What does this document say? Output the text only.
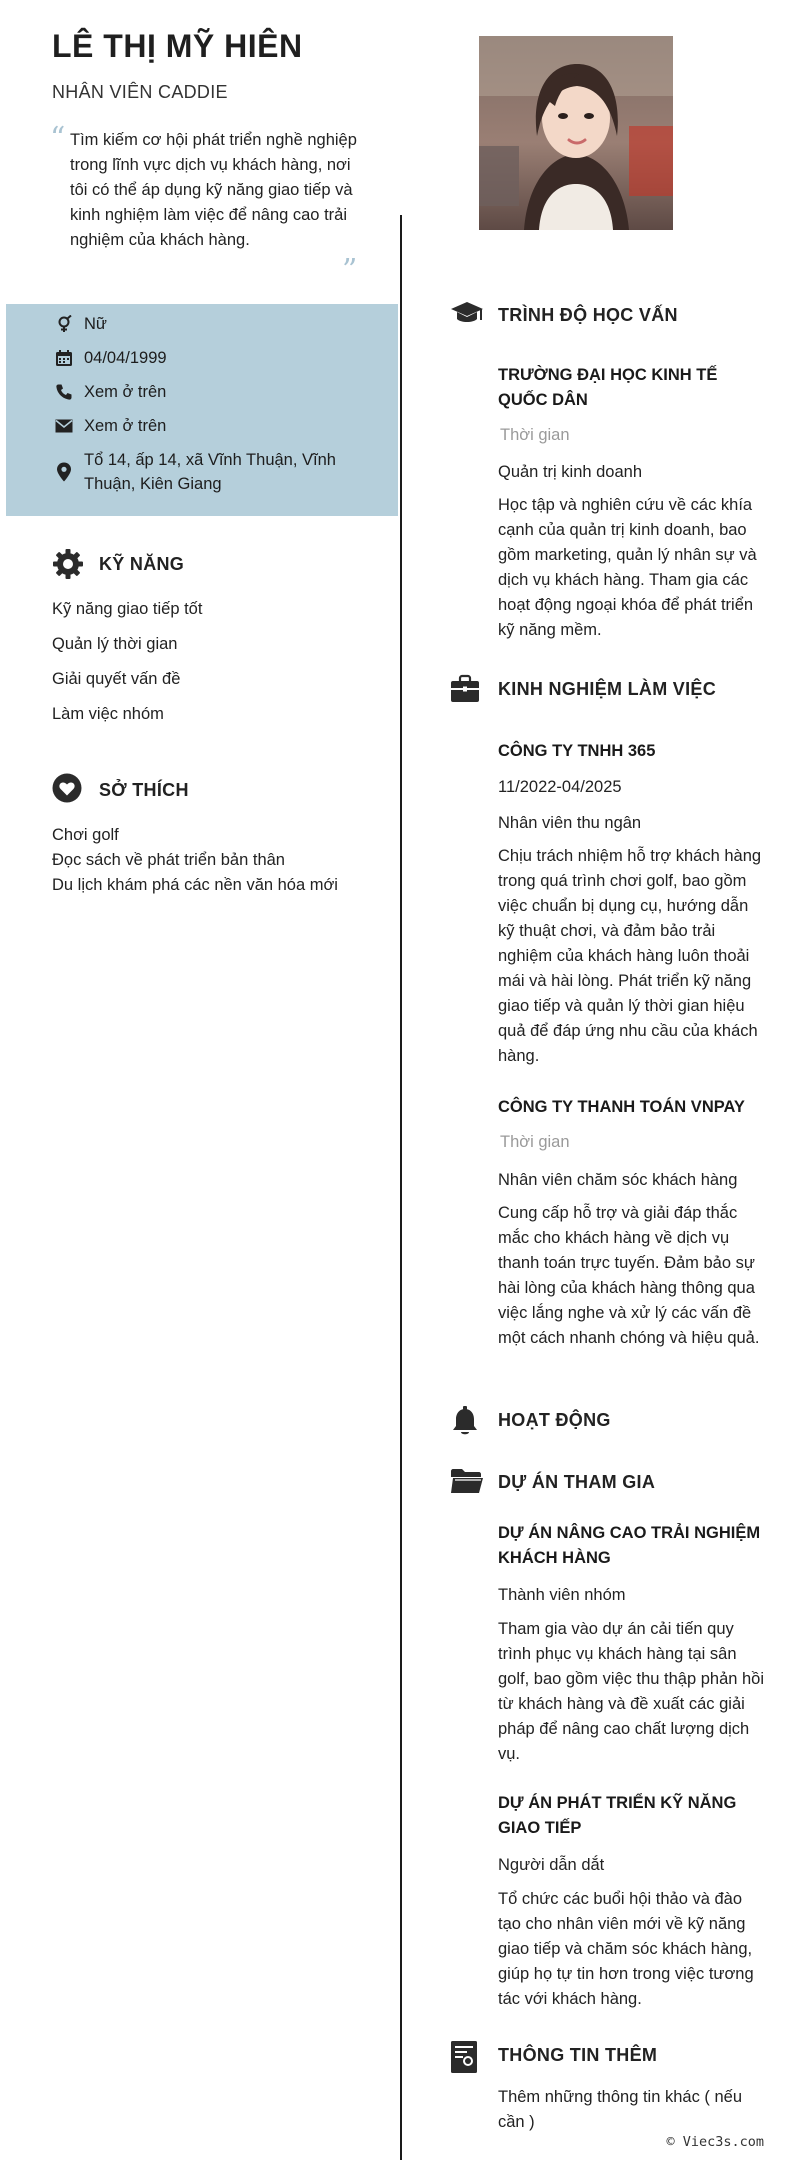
LÊ THỊ MỸ HIÊN
NHÂN VIÊN CADDIE
“ Tìm kiếm cơ hội phát triển nghề nghiệp trong lĩnh vực dịch vụ khách hàng, nơi tôi có thể áp dụng kỹ năng giao tiếp và kinh nghiệm làm việc để nâng cao trải nghiệm của khách hàng.
”
Nữ
04/04/1999
Xem ở trên
Xem ở trên
Tổ 14, ấp 14, xã Vĩnh Thuận, Vĩnh Thuận, Kiên Giang
KỸ NĂNG
Kỹ năng giao tiếp tốt
Quản lý thời gian
Giải quyết vấn đề
Làm việc nhóm
SỞ THÍCH
Chơi golf
Đọc sách về phát triển bản thân
Du lịch khám phá các nền văn hóa mới
TRÌNH ĐỘ HỌC VẤN
TRƯỜNG ĐẠI HỌC KINH TẾ QUỐC DÂN
Thời gian
Quản trị kinh doanh
Học tập và nghiên cứu về các khía cạnh của quản trị kinh doanh, bao gồm marketing, quản lý nhân sự và dịch vụ khách hàng. Tham gia các hoạt động ngoại khóa để phát triển kỹ năng mềm.
KINH NGHIỆM LÀM VIỆC
CÔNG TY TNHH 365
11/2022-04/2025
Nhân viên thu ngân
Chịu trách nhiệm hỗ trợ khách hàng trong quá trình chơi golf, bao gồm việc chuẩn bị dụng cụ, hướng dẫn kỹ thuật chơi, và đảm bảo trải nghiệm của khách hàng luôn thoải mái và hài lòng. Phát triển kỹ năng giao tiếp và quản lý thời gian hiệu quả để đáp ứng nhu cầu của khách hàng.
CÔNG TY THANH TOÁN VNPAY
Thời gian
Nhân viên chăm sóc khách hàng
Cung cấp hỗ trợ và giải đáp thắc mắc cho khách hàng về dịch vụ thanh toán trực tuyến. Đảm bảo sự hài lòng của khách hàng thông qua việc lắng nghe và xử lý các vấn đề một cách nhanh chóng và hiệu quả.
HOẠT ĐỘNG
DỰ ÁN THAM GIA
DỰ ÁN NÂNG CAO TRẢI NGHIỆM KHÁCH HÀNG
Thành viên nhóm
Tham gia vào dự án cải tiến quy trình phục vụ khách hàng tại sân golf, bao gồm việc thu thập phản hồi từ khách hàng và đề xuất các giải pháp để nâng cao chất lượng dịch vụ.
DỰ ÁN PHÁT TRIỂN KỸ NĂNG GIAO TIẾP
Người dẫn dắt
Tổ chức các buổi hội thảo và đào tạo cho nhân viên mới về kỹ năng giao tiếp và chăm sóc khách hàng, giúp họ tự tin hơn trong việc tương tác với khách hàng.
THÔNG TIN THÊM
Thêm những thông tin khác ( nếu cần )
© Viec3s.com
